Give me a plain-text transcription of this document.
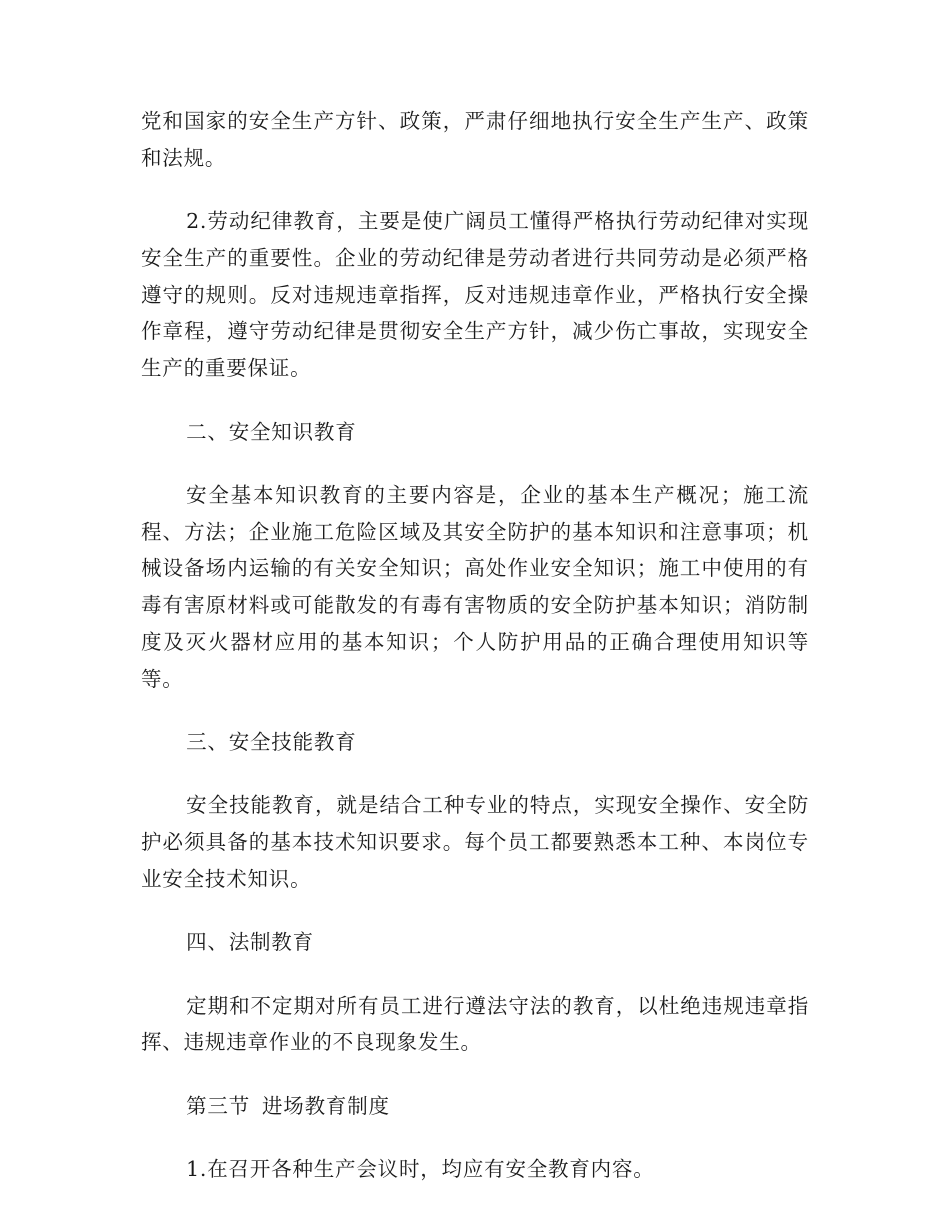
党和国家的安全生产方针、政策，严肃仔细地执行安全生产生产、政策和法规。

2.劳动纪律教育，主要是使广阔员工懂得严格执行劳动纪律对实现安全生产的重要性。企业的劳动纪律是劳动者进行共同劳动是必须严格遵守的规则。反对违规违章指挥，反对违规违章作业，严格执行安全操作章程，遵守劳动纪律是贯彻安全生产方针，减少伤亡事故，实现安全生产的重要保证。

二、安全知识教育

安全基本知识教育的主要内容是，企业的基本生产概况；施工流程、方法；企业施工危险区域及其安全防护的基本知识和注意事项；机械设备场内运输的有关安全知识；高处作业安全知识；施工中使用的有毒有害原材料或可能散发的有毒有害物质的安全防护基本知识；消防制度及灭火器材应用的基本知识；个人防护用品的正确合理使用知识等等。

三、安全技能教育

安全技能教育，就是结合工种专业的特点，实现安全操作、安全防护必须具备的基本技术知识要求。每个员工都要熟悉本工种、本岗位专业安全技术知识。

四、法制教育

定期和不定期对所有员工进行遵法守法的教育，以杜绝违规违章指挥、违规违章作业的不良现象发生。

第三节 进场教育制度

1.在召开各种生产会议时，均应有安全教育内容。
